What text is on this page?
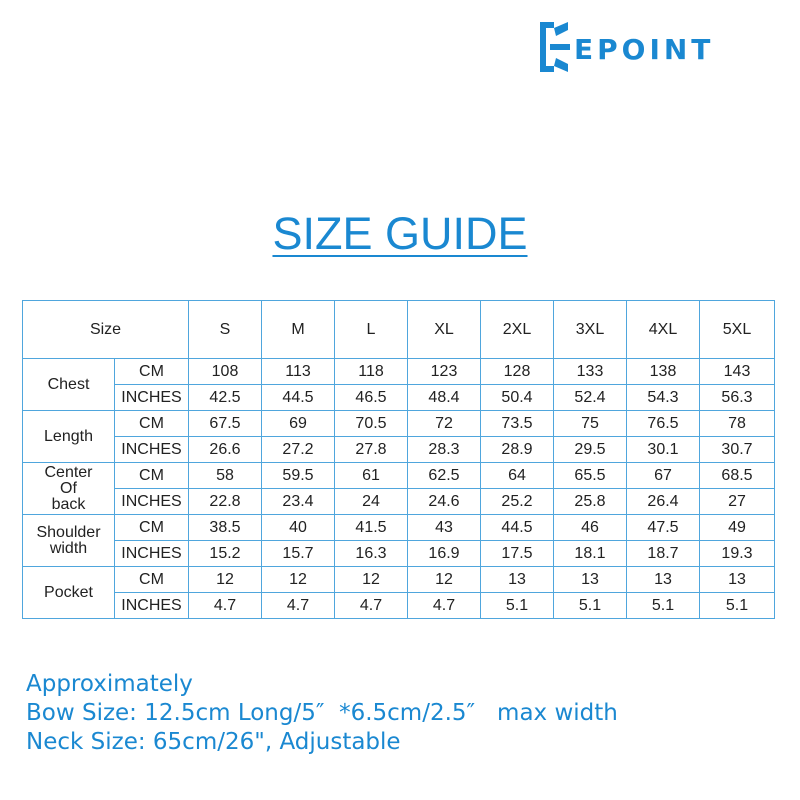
EPOINT
SIZE GUIDE
Size		S	M	L	XL	2XL	3XL	4XL	5XL
Chest	CM	108	113	118	123	128	133	138	143
	INCHES	42.5	44.5	46.5	48.4	50.4	52.4	54.3	56.3
Length	CM	67.5	69	70.5	72	73.5	75	76.5	78
	INCHES	26.6	27.2	27.8	28.3	28.9	29.5	30.1	30.7
Center
Of
back	CM	58	59.5	61	62.5	64	65.5	67	68.5
	INCHES	22.8	23.4	24	24.6	25.2	25.8	26.4	27
Shoulder
width	CM	38.5	40	41.5	43	44.5	46	47.5	49
	INCHES	15.2	15.7	16.3	16.9	17.5	18.1	18.7	19.3
Pocket	CM	12	12	12	12	13	13	13	13
	INCHES	4.7	4.7	4.7	4.7	5.1	5.1	5.1	5.1
Approximately
Bow Size: 12.5cm Long/5″  *6.5cm/2.5″   max width
Neck Size: 65cm/26", Adjustable
